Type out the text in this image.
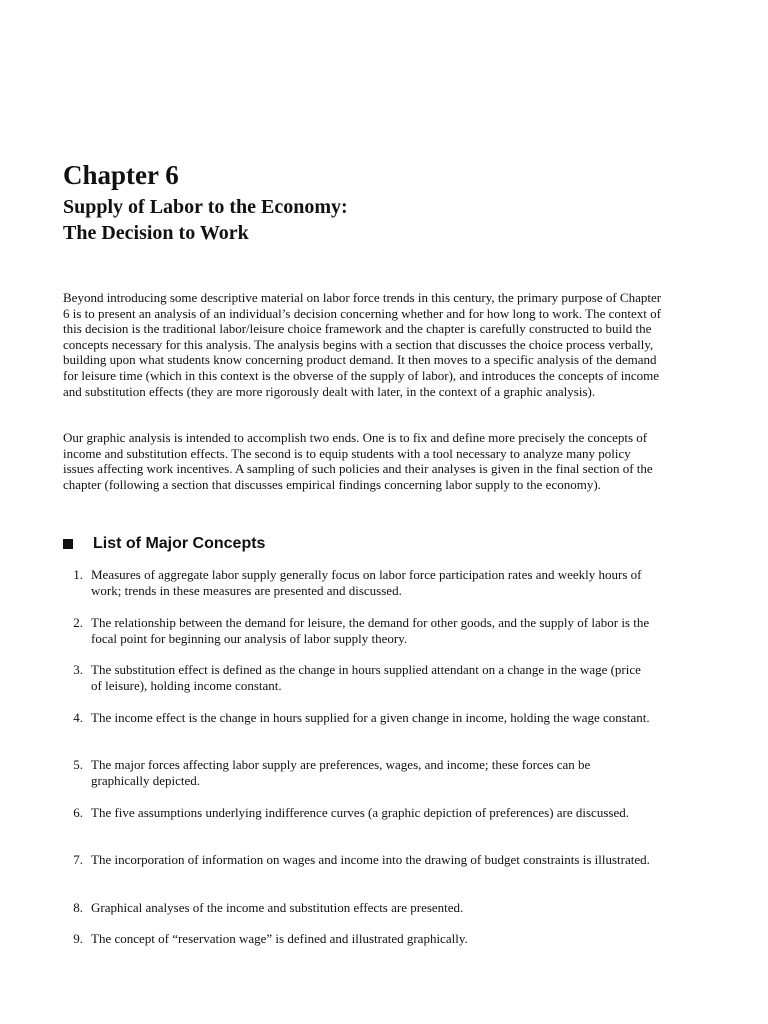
Chapter 6
Supply of Labor to the Economy:
The Decision to Work

Beyond introducing some descriptive material on labor force trends in this century, the primary purpose of Chapter 6 is to present an analysis of an individual’s decision concerning whether and for how long to work. The context of this decision is the traditional labor/leisure choice framework and the chapter is carefully constructed to build the concepts necessary for this analysis. The analysis begins with a section that discusses the choice process verbally, building upon what students know concerning product demand. It then moves to a specific analysis of the demand for leisure time (which in this context is the obverse of the supply of labor), and introduces the concepts of income and substitution effects (they are more rigorously dealt with later, in the context of a graphic analysis).

Our graphic analysis is intended to accomplish two ends. One is to fix and define more precisely the concepts of income and substitution effects. The second is to equip students with a tool necessary to analyze many policy issues affecting work incentives. A sampling of such policies and their analyses is given in the final section of the chapter (following a section that discusses empirical findings concerning labor supply to the economy).

List of Major Concepts
1. Measures of aggregate labor supply generally focus on labor force participation rates and weekly hours of work; trends in these measures are presented and discussed.
2. The relationship between the demand for leisure, the demand for other goods, and the supply of labor is the focal point for beginning our analysis of labor supply theory.
3. The substitution effect is defined as the change in hours supplied attendant on a change in the wage (price of leisure), holding income constant.
4. The income effect is the change in hours supplied for a given change in income, holding the wage constant.
5. The major forces affecting labor supply are preferences, wages, and income; these forces can be graphically depicted.
6. The five assumptions underlying indifference curves (a graphic depiction of preferences) are discussed.
7. The incorporation of information on wages and income into the drawing of budget constraints is illustrated.
8. Graphical analyses of the income and substitution effects are presented.
9. The concept of “reservation wage” is defined and illustrated graphically.
